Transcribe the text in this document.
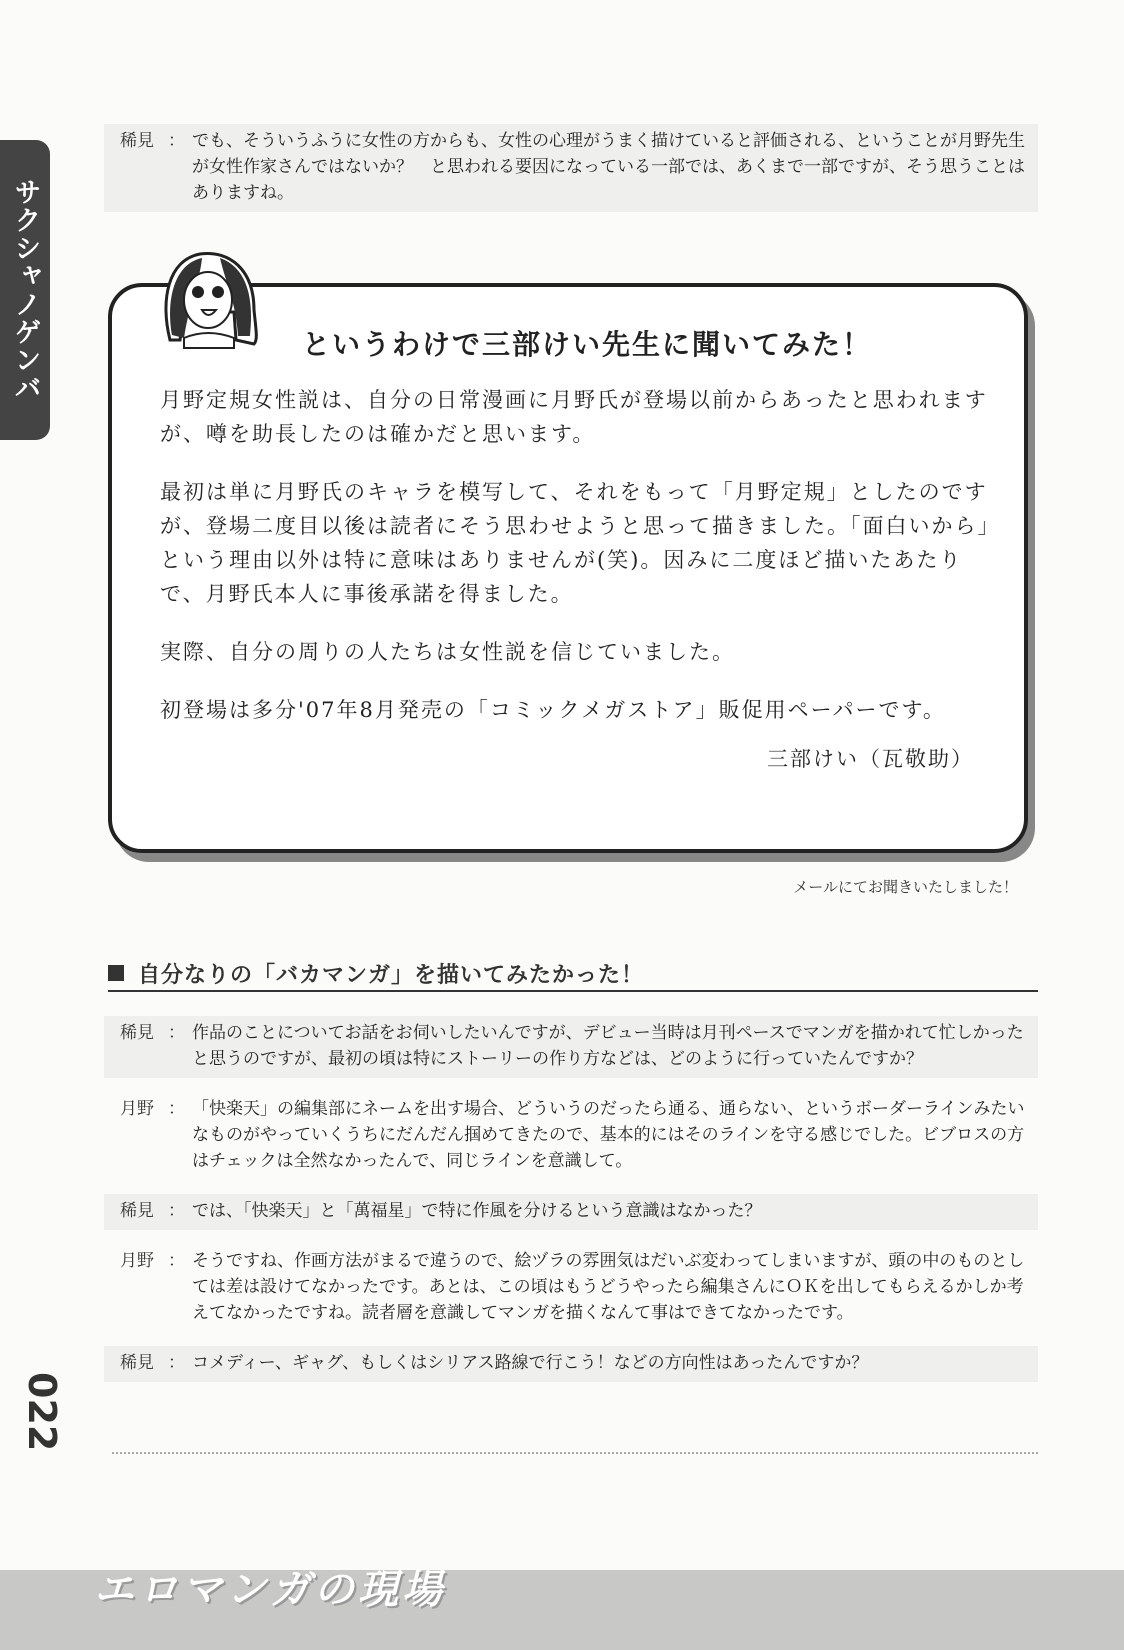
サクシャノゲンバ
稀見 ： でも、そういうふうに女性の方からも、女性の心理がうまく描けていると評価される、ということが月野先生が女性作家さんではないか？　と思われる要因になっている一部では、あくまで一部ですが、そう思うことはありますね。
というわけで三部けい先生に聞いてみた！

月野定規女性説は、自分の日常漫画に月野氏が登場以前からあったと思われますが、噂を助長したのは確かだと思います。

最初は単に月野氏のキャラを模写して、それをもって「月野定規」としたのですが、登場二度目以後は読者にそう思わせようと思って描きました。「面白いから」という理由以外は特に意味はありませんが(笑)。因みに二度ほど描いたあたりで、月野氏本人に事後承諾を得ました。

実際、自分の周りの人たちは女性説を信じていました。

初登場は多分'07年8月発売の「コミックメガストア」販促用ペーパーです。

三部けい（瓦敬助）
メールにてお聞きいたしました！
自分なりの「バカマンガ」を描いてみたかった！
稀見 ： 作品のことについてお話をお伺いしたいんですが、デビュー当時は月刊ペースでマンガを描かれて忙しかったと思うのですが、最初の頃は特にストーリーの作り方などは、どのように行っていたんですか？
月野 ： 「快楽天」の編集部にネームを出す場合、どういうのだったら通る、通らない、というボーダーラインみたいなものがやっていくうちにだんだん掴めてきたので、基本的にはそのラインを守る感じでした。ビブロスの方はチェックは全然なかったんで、同じラインを意識して。
稀見 ： では、「快楽天」と「萬福星」で特に作風を分けるという意識はなかった？
月野 ： そうですね、作画方法がまるで違うので、絵ヅラの雰囲気はだいぶ変わってしまいますが、頭の中のものとしては差は設けてなかったです。あとは、この頃はもうどうやったら編集さんにＯＫを出してもらえるかしか考えてなかったですね。読者層を意識してマンガを描くなんて事はできてなかったです。
稀見 ： コメディー、ギャグ、もしくはシリアス路線で行こう！などの方向性はあったんですか？
022
エロマンガの現場
